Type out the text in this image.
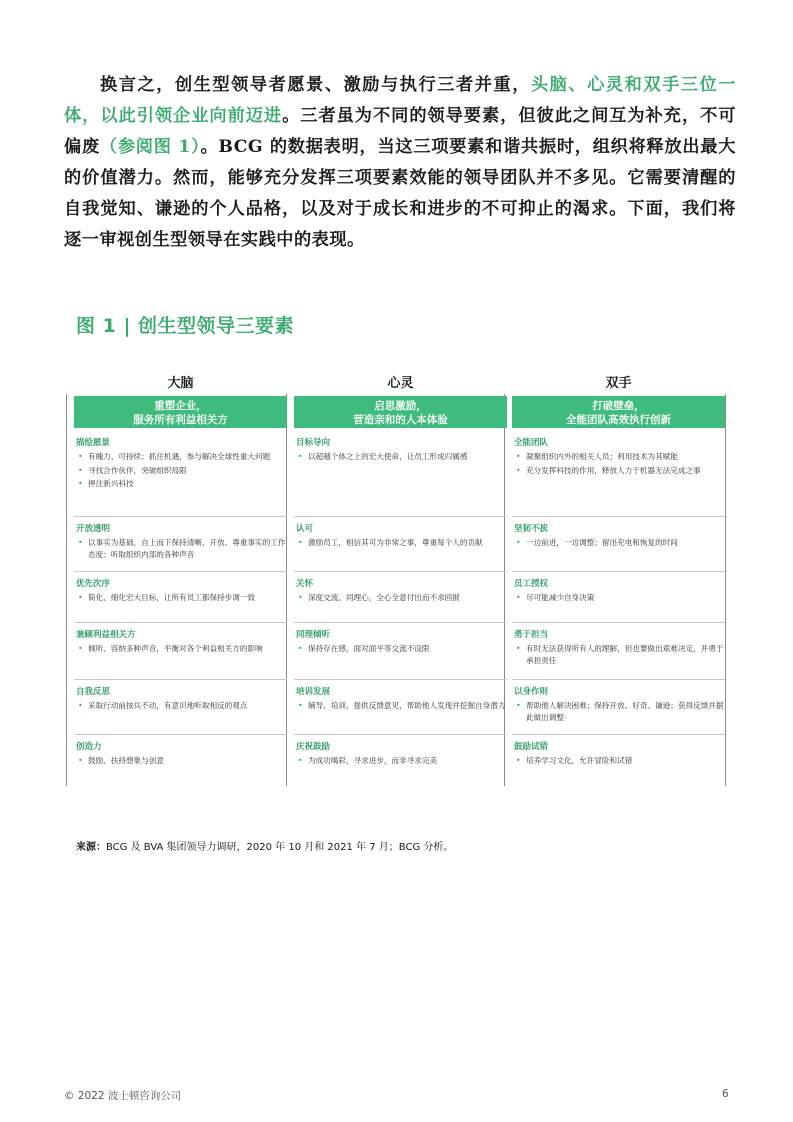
换言之，创生型领导者愿景、激励与执行三者并重，头脑、心灵和双手三位一体，以此引领企业向前迈进。三者虽为不同的领导要素，但彼此之间互为补充，不可偏废（参阅图 1）。BCG 的数据表明，当这三项要素和谐共振时，组织将释放出最大的价值潜力。然而，能够充分发挥三项要素效能的领导团队并不多见。它需要清醒的自我觉知、谦逊的个人品格，以及对于成长和进步的不可抑止的渴求。下面，我们将逐一审视创生型领导在实践中的表现。

图 1 | 创生型领导三要素
大脑
重塑企业，
服务所有利益相关方
描绘愿景
• 有魄力、可持续；抓住机遇，参与解决全球性重大问题
• 寻找合作伙伴，突破组织局限
• 押注新兴科技
开放透明
• 以事实为基础，自上而下保持清晰、开放、尊重事实的工作态度；听取组织内部的各种声音
优先次序
• 简化、细化宏大目标，让所有员工都保持步调一致
兼顾利益相关方
• 倾听、容纳多种声音，平衡对各个利益相关方的影响
自我反思
• 采取行动前按兵不动，有意识地听取相反的观点
创造力
• 鼓励、扶持想象与创意
心灵
启思激励，
营造亲和的人本体验
目标导向
• 以超越个体之上的宏大使命，让员工形成归属感
认可
• 激励员工，相信其可为非常之事，尊重每个人的贡献
关怀
• 深度交流、同理心，全心全意付出而不求回报
同理倾听
• 保持存在感，面对面平等交流不设限
培训发展
• 辅导、培训，提供反馈意见，帮助他人发现并挖掘自身潜力
庆祝鼓励
• 为成功喝彩，寻求进步，而非寻求完美
双手
打破壁垒，
全能团队高效执行创新
全能团队
• 凝聚组织内外的相关人员；利用技术为其赋能
• 充分发挥科技的作用，释放人力于机器无法完成之事
坚韧不拔
• 一边前进，一边调整；留出充电和恢复的时间
员工授权
• 尽可能减少自身决策
勇于担当
• 有时无法获得所有人的理解，但也要做出艰难决定，并勇于承担责任
以身作则
• 帮助他人解决困难；保持开放、好奇、谦逊；获得反馈并据此做出调整
鼓励试错
• 培养学习文化，允许冒险和试错

来源：BCG 及 BVA 集团领导力调研，2020 年 10 月和 2021 年 7 月；BCG 分析。

© 2022 波士顿咨询公司	6
